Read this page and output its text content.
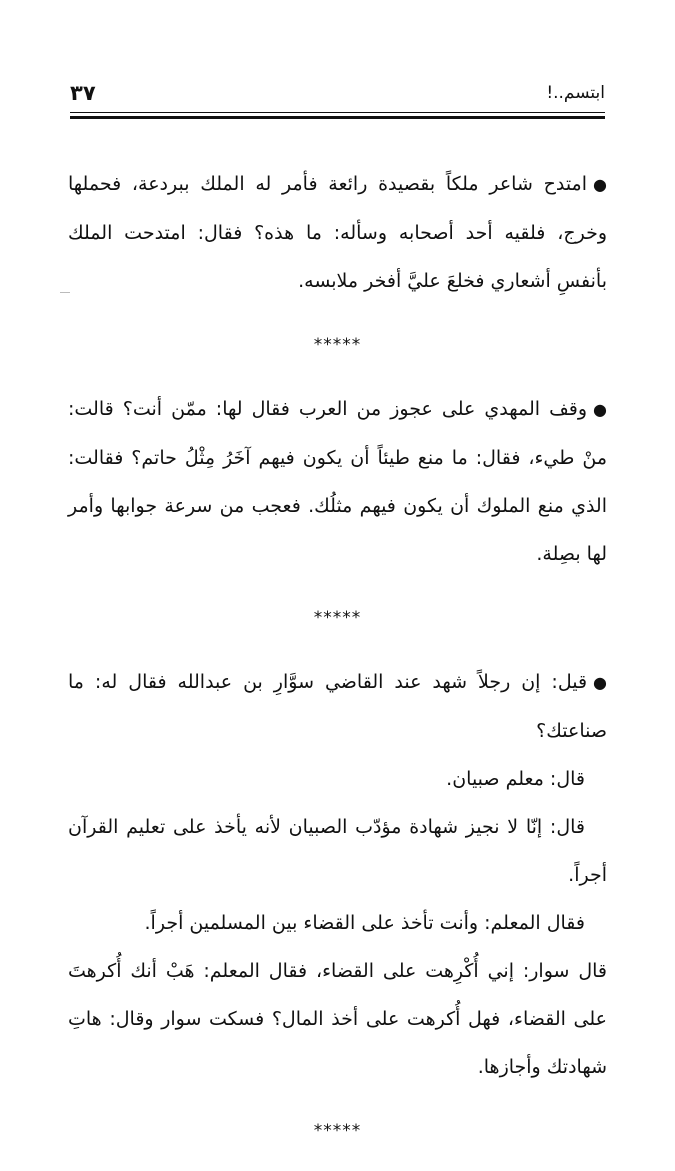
٣٧	ابتسم..!

●امتدح شاعر ملكاً بقصيدة رائعة فأمر له الملك ببردعة، فحملها وخرج، فلقيه أحد أصحابه وسأله: ما هذه؟ فقال: امتدحت الملك بأنفسِ أشعاري فخلعَ عليَّ أفخر ملابسه.

*****

●وقف المهدي على عجوز من العرب فقال لها: ممّن أنت؟ قالت: منْ طيء، فقال: ما منع طيئاً أن يكون فيهم آخَرُ مِثْلُ حاتم؟ فقالت: الذي منع الملوك أن يكون فيهم مثلُك. فعجب من سرعة جوابها وأمر لها بصِلة.

*****

●قيل: إن رجلاً شهد عند القاضي سوَّارِ بن عبدالله فقال له: ما صناعتك؟

قال: معلم صبيان.

قال: إنّا لا نجيز شهادة مؤدّب الصبيان لأنه يأخذ على تعليم القرآن أجراً.

فقال المعلم: وأنت تأخذ على القضاء بين المسلمين أجراً.

قال سوار: إني أُكْرِهت على القضاء، فقال المعلم: هَبْ أنك أُكرهتَ على القضاء، فهل أُكرهت على أخذ المال؟ فسكت سوار وقال: هاتِ شهادتك وأجازها.

*****
